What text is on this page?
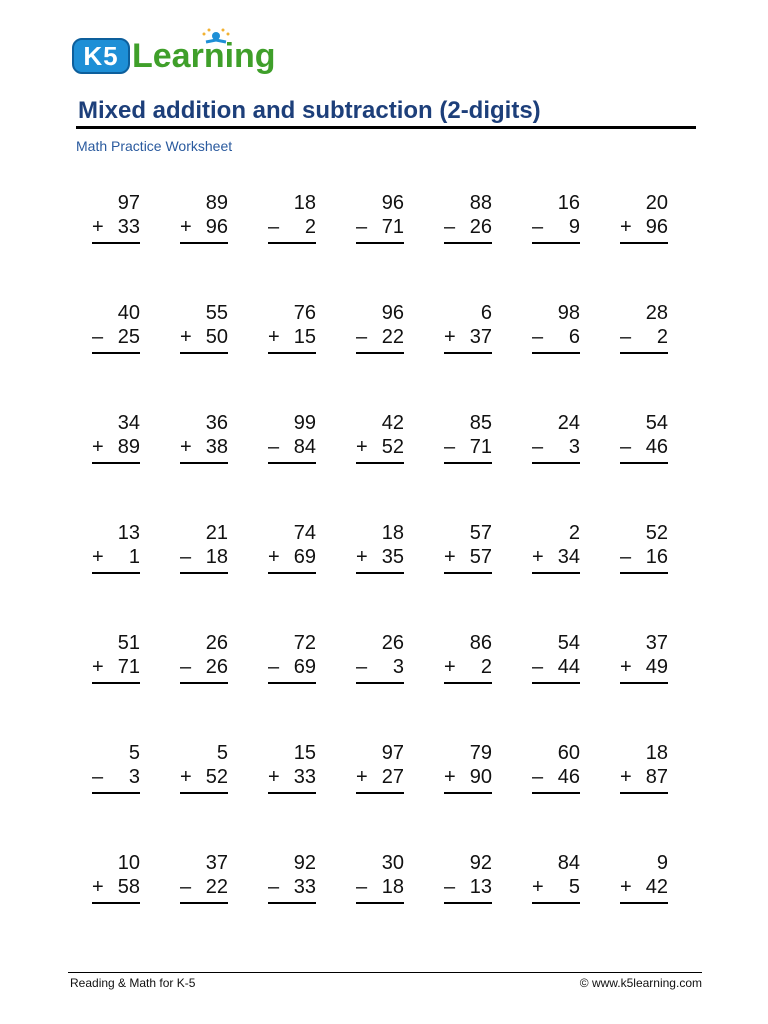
K5 Learning
Mixed addition and subtraction (2-digits)
Math Practice Worksheet
97
+ 33
89
+ 96
18
– 2
96
– 71
88
– 26
16
– 9
20
+ 96
40
– 25
55
+ 50
76
+ 15
96
– 22
6
+ 37
98
– 6
28
– 2
34
+ 89
36
+ 38
99
– 84
42
+ 52
85
– 71
24
– 3
54
– 46
13
+ 1
21
– 18
74
+ 69
18
+ 35
57
+ 57
2
+ 34
52
– 16
51
+ 71
26
– 26
72
– 69
26
– 3
86
+ 2
54
– 44
37
+ 49
5
– 3
5
+ 52
15
+ 33
97
+ 27
79
+ 90
60
– 46
18
+ 87
10
+ 58
37
– 22
92
– 33
30
– 18
92
– 13
84
+ 5
9
+ 42
Reading & Math for K-5	© www.k5learning.com
